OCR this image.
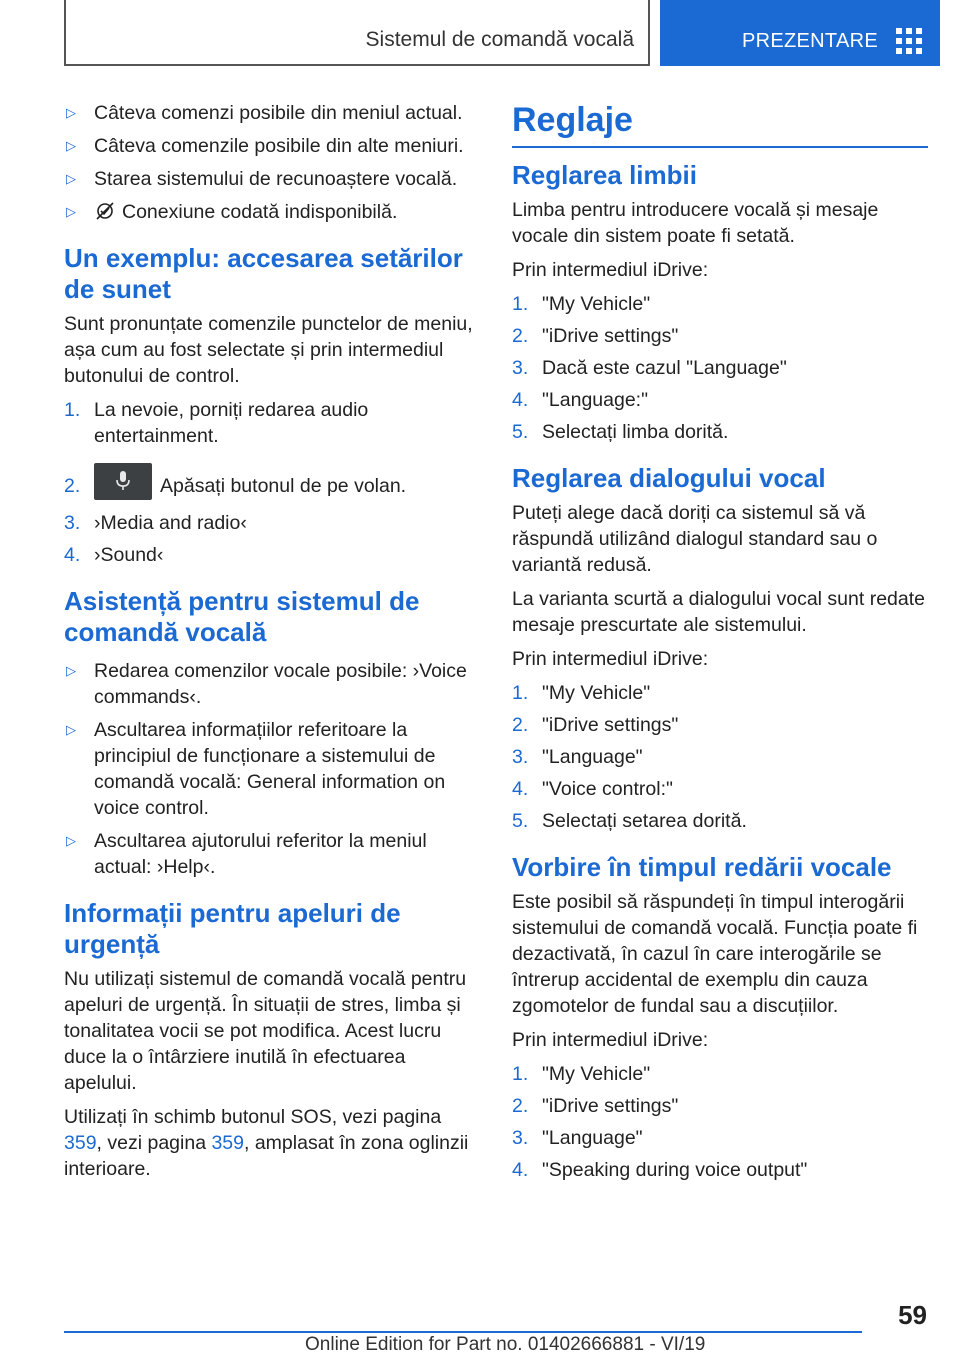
Sistemul de comandă vocală	PREZENTARE
▷ Câteva comenzi posibile din meniul actual.
▷ Câteva comenzile posibile din alte meniuri.
▷ Starea sistemului de recunoaștere vocală.
▷ Conexiune codată indisponibilă.
Un exemplu: accesarea setărilor de sunet

Sunt pronunțate comenzile punctelor de meniu, așa cum au fost selectate și prin intermediul butonului de control.

1. La nevoie, porniți redarea audio entertainment.
2.	Apăsați butonul de pe volan.
3. ›Media and radio‹
4. ›Sound‹
Asistență pentru sistemul de comandă vocală
▷ Redarea comenzilor vocale posibile: ›Voice commands‹.
▷ Ascultarea informațiilor referitoare la principiul de funcționare a sistemului de comandă vocală: General information on voice control.
▷ Ascultarea ajutorului referitor la meniul actual: ›Help‹.
Informații pentru apeluri de urgență

Nu utilizați sistemul de comandă vocală pentru apeluri de urgență. În situații de stres, limba și tonalitatea vocii se pot modifica. Acest lucru duce la o întârziere inutilă în efectuarea apelului.

Utilizați în schimb butonul SOS, vezi pagina 359, vezi pagina 359, amplasat în zona oglinzii interioare.

Reglaje
Reglarea limbii

Limba pentru introducere vocală și mesaje vocale din sistem poate fi setată.

Prin intermediul iDrive:

1. "My Vehicle"
2. "iDrive settings"
3. Dacă este cazul "Language"
4. "Language:"
5. Selectați limba dorită.
Reglarea dialogului vocal

Puteți alege dacă doriți ca sistemul să vă răspundă utilizând dialogul standard sau o variantă redusă.

La varianta scurtă a dialogului vocal sunt redate mesaje prescurtate ale sistemului.

Prin intermediul iDrive:

1. "My Vehicle"
2. "iDrive settings"
3. "Language"
4. "Voice control:"
5. Selectați setarea dorită.
Vorbire în timpul redării vocale

Este posibil să răspundeți în timpul interogării sistemului de comandă vocală. Funcția poate fi dezactivată, în cazul în care interogările se întrerup accidental de exemplu din cauza zgomotelor de fundal sau a discuțiilor.

Prin intermediul iDrive:

1. "My Vehicle"
2. "iDrive settings"
3. "Language"
4. "Speaking during voice output"
59
Online Edition for Part no. 01402666881 - VI/19
